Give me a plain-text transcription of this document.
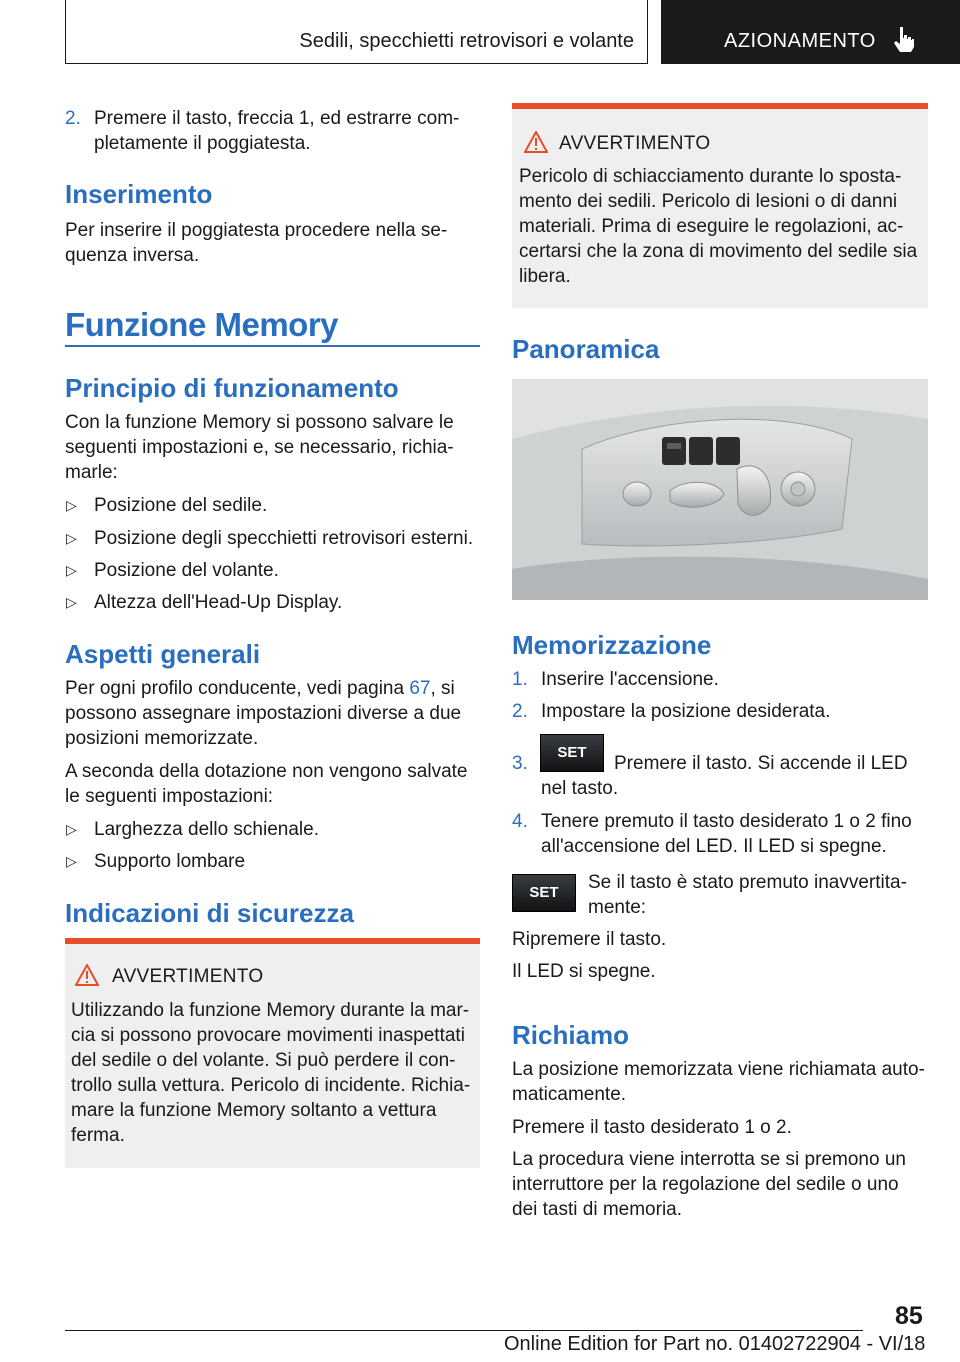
Sedili, specchietti retrovisori e volante	AZIONAMENTO
2. Premere il tasto, freccia 1, ed estrarre com‐

pletamente il poggiatesta.

Inserimento

Per inserire il poggiatesta procedere nella se‐

quenza inversa.

Funzione Memory
Principio di funzionamento

Con la funzione Memory si possono salvare le

seguenti impostazioni e, se necessario, richia‐

marle:

▷ Posizione del sedile.

▷ Posizione degli specchietti retrovisori esterni.

▷ Posizione del volante.

▷ Altezza dell'Head-Up Display.

Aspetti generali

Per ogni profilo conducente, vedi pagina 67, si

possono assegnare impostazioni diverse a due

posizioni memorizzate.

A seconda della dotazione non vengono salvate

le seguenti impostazioni:

▷ Larghezza dello schienale.

▷ Supporto lombare

Indicazioni di sicurezza
AVVERTIMENTO

Utilizzando la funzione Memory durante la mar‐

cia si possono provocare movimenti inaspettati

del sedile o del volante. Si può perdere il con‐

trollo sulla vettura. Pericolo di incidente. Richia‐

mare la funzione Memory soltanto a vettura

ferma.

AVVERTIMENTO

Pericolo di schiacciamento durante lo sposta‐

mento dei sedili. Pericolo di lesioni o di danni

materiali. Prima di eseguire le regolazioni, ac‐

certarsi che la zona di movimento del sedile sia

libera.

Panoramica
Memorizzazione
1. Inserire l'accensione.

2. Impostare la posizione desiderata.

3.
SET

Premere il tasto. Si accende il LED

nel tasto.

4. Tenere premuto il tasto desiderato 1 o 2 fino

all'accensione del LED. Il LED si spegne.

SET	Se il tasto è stato premuto inavvertita‐

mente:

Ripremere il tasto.

Il LED si spegne.

Richiamo

La posizione memorizzata viene richiamata auto‐

maticamente.

Premere il tasto desiderato 1 o 2.

La procedura viene interrotta se si premono un

interruttore per la regolazione del sedile o uno

dei tasti di memoria.

85
Online Edition for Part no. 01402722904 - VI/18
